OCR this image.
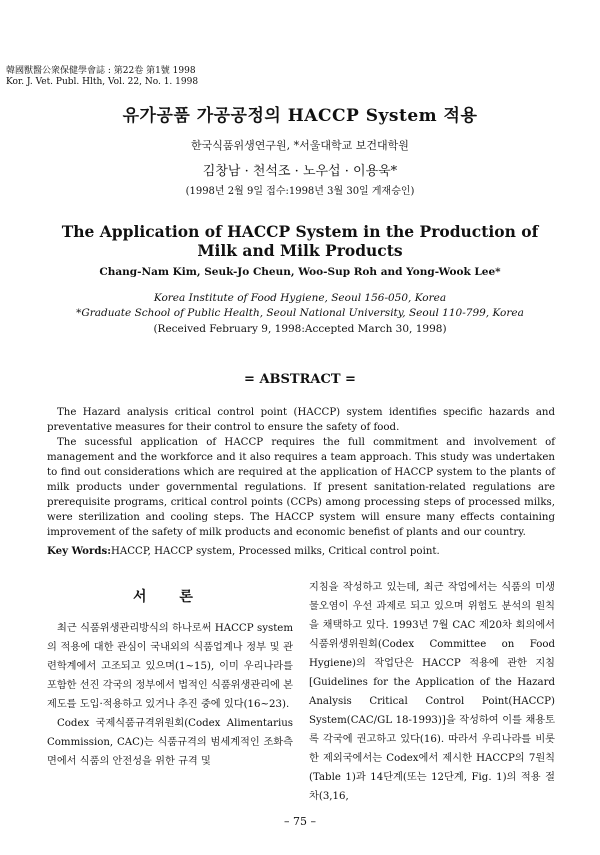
韓國獸醫公衆保健學會誌 : 第22卷 第1號 1998
Kor. J. Vet. Publ. Hlth, Vol. 22, No. 1. 1998
유가공품 가공공정의 HACCP System 적용
한국식품위생연구원, *서울대학교 보건대학원
김창남 · 천석조 · 노우섭 · 이용욱*
(1998년 2월 9일 접수:1998년 3월 30일 게재승인)
The Application of HACCP System in the Production of
Milk and Milk Products
Chang-Nam Kim, Seuk-Jo Cheun, Woo-Sup Roh and Yong-Wook Lee*
Korea Institute of Food Hygiene, Seoul 156-050, Korea
*Graduate School of Public Health, Seoul National University, Seoul 110-799, Korea
(Received February 9, 1998:Accepted March 30, 1998)
= ABSTRACT =

The Hazard analysis critical control point (HACCP) system identifies specific hazards and preventative measures for their control to ensure the safety of food.

The sucessful application of HACCP requires the full commitment and involvement of management and the workforce and it also requires a team approach. This study was undertaken to find out considerations which are required at the application of HACCP system to the plants of milk products under governmental regulations. If present sanitation-related regulations are prerequisite programs, critical control points (CCPs) among processing steps of processed milks, were sterilization and cooling steps. The HACCP system will ensure many effects containing improvement of the safety of milk products and economic benefist of plants and our country.

Key Words:HACCP, HACCP system, Processed milks, Critical control point.
서 론

최근 식품위생관리방식의 하나로써 HACCP system의 적용에 대한 관심이 국내외의 식품업계나 정부 및 관련학계에서 고조되고 있으며(1~15), 이미 우리나라를 포함한 선진 각국의 정부에서 법적인 식품위생관리에 본 제도를 도입·적용하고 있거나 추진 중에 있다(16~23).

Codex 국제식품규격위원회(Codex Alimentarius Commission, CAC)는 식품규격의 범세계적인 조화측면에서 식품의 안전성을 위한 규격 및

지침을 작성하고 있는데, 최근 작업에서는 식품의 미생물오염이 우선 과제로 되고 있으며 위험도 분석의 원칙을 채택하고 있다. 1993년 7월 CAC 제20차 회의에서 식품위생위원회(Codex Committee on Food Hygiene)의 작업단은 HACCP 적용에 관한 지침[Guidelines for the Application of the Hazard Analysis Critical Control Point(HACCP) System(CAC/GL 18-1993)]을 작성하여 이를 채용토록 각국에 권고하고 있다(16). 따라서 우리나라를 비롯한 제외국에서는 Codex에서 제시한 HACCP의 7원칙(Table 1)과 14단계(또는 12단계, Fig. 1)의 적용 절차(3,16,

– 75 –
